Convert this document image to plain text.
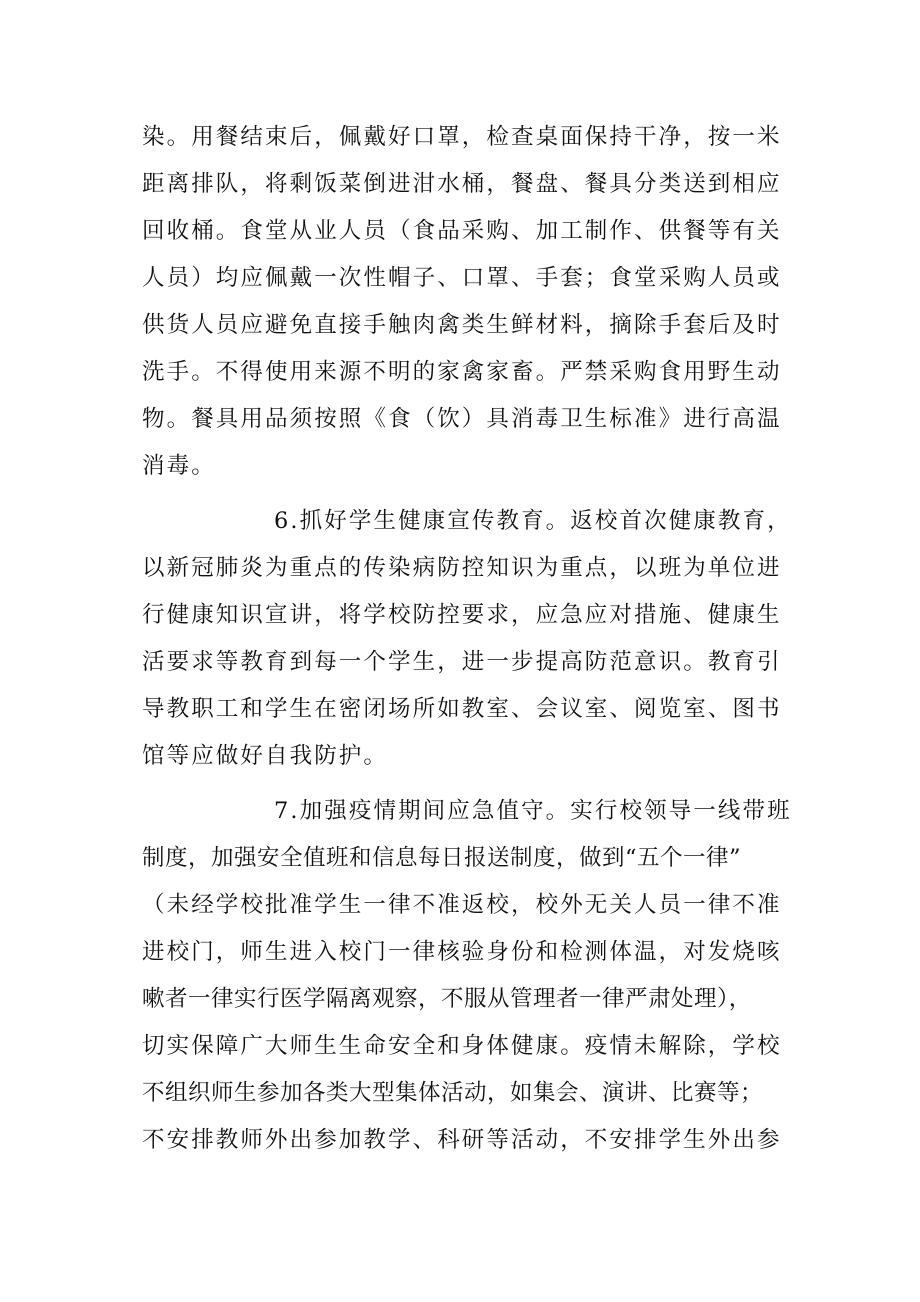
染。用餐结束后，佩戴好口罩，检查桌面保持干净，按一米
距离排队，将剩饭菜倒进泔水桶，餐盘、餐具分类送到相应
回收桶。食堂从业人员（食品采购、加工制作、供餐等有关
人员）均应佩戴一次性帽子、口罩、手套；食堂采购人员或
供货人员应避免直接手触肉禽类生鲜材料，摘除手套后及时
洗手。不得使用来源不明的家禽家畜。严禁采购食用野生动
物。餐具用品须按照《食（饮）具消毒卫生标准》进行高温
消毒。
6.抓好学生健康宣传教育。返校首次健康教育，
以新冠肺炎为重点的传染病防控知识为重点，以班为单位进
行健康知识宣讲，将学校防控要求，应急应对措施、健康生
活要求等教育到每一个学生，进一步提高防范意识。教育引
导教职工和学生在密闭场所如教室、会议室、阅览室、图书
馆等应做好自我防护。
7.加强疫情期间应急值守。实行校领导一线带班
制度，加强安全值班和信息每日报送制度，做到“五个一律”
（未经学校批准学生一律不准返校，校外无关人员一律不准
进校门，师生进入校门一律核验身份和检测体温，对发烧咳
嗽者一律实行医学隔离观察，不服从管理者一律严肃处理），
切实保障广大师生生命安全和身体健康。疫情未解除，学校
不组织师生参加各类大型集体活动，如集会、演讲、比赛等；
不安排教师外出参加教学、科研等活动，不安排学生外出参
